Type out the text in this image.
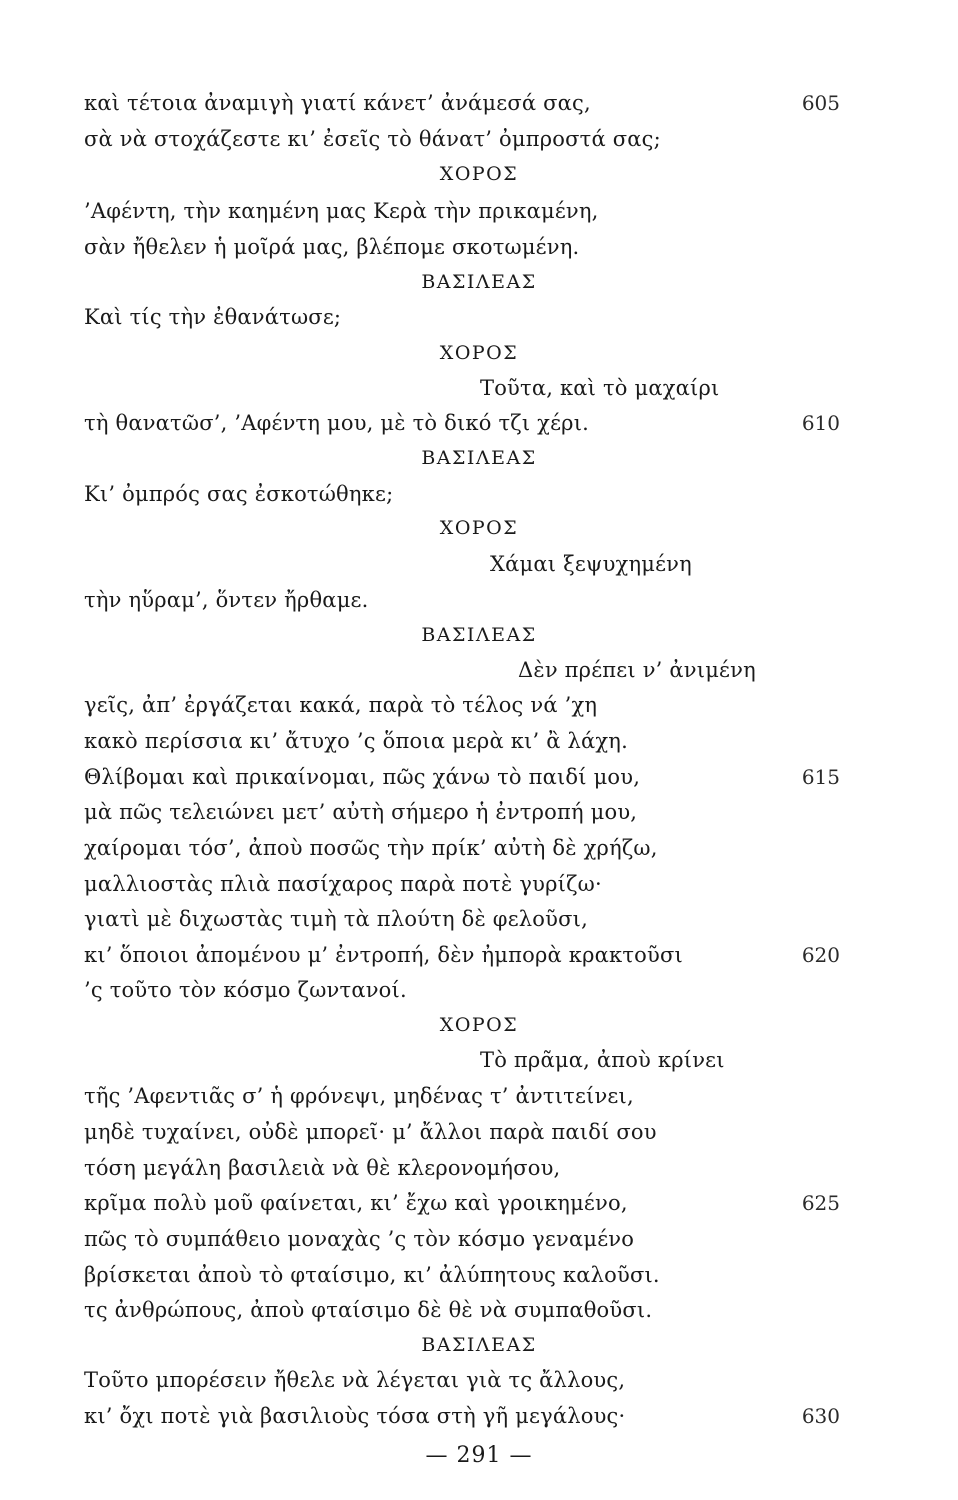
καὶ τέτοια ἀναμιγὴ γιατί κάνετ’ ἀνάμεσά σας,	605
σὰ νὰ στοχάζεστε κι’ ἐσεῖς τὸ θάνατ’ ὀμπροστά σας;
ΧΟΡΟΣ
’Αφέντη, τὴν καημένη μας Κερὰ τὴν πρικαμένη,
σὰν ἤθελεν ἡ μοῖρά μας, βλέπομε σκοτωμένη.
ΒΑΣΙΛΕΑΣ
Καὶ τίς τὴν ἐθανάτωσε;
ΧΟΡΟΣ
Τοῦτα, καὶ τὸ μαχαίρι
τὴ θανατῶσ’, ’Αφέντη μου, μὲ τὸ δικό τζι χέρι.	610
ΒΑΣΙΛΕΑΣ
Κι’ ὀμπρός σας ἐσκοτώθηκε;
ΧΟΡΟΣ
Χάμαι ξεψυχημένη
τὴν ηὕραμ’, ὅντεν ἤρθαμε.
ΒΑΣΙΛΕΑΣ
Δὲν πρέπει ν’ ἀνιμένη
γεῖς, ἀπ’ ἐργάζεται κακά, παρὰ τὸ τέλος νά ’χη
κακὸ περίσσια κι’ ἄτυχο ’ς ὅποια μερὰ κι’ ἂ λάχη.
Θλίβομαι καὶ πρικαίνομαι, πῶς χάνω τὸ παιδί μου,	615
μὰ πῶς τελειώνει μετ’ αὐτὴ σήμερο ἡ ἐντροπή μου,
χαίρομαι τόσ’, ἀποὺ ποσῶς τὴν πρίκ’ αὐτὴ δὲ χρήζω,
μαλλιοστὰς πλιὰ πασίχαρος παρὰ ποτὲ γυρίζω·
γιατὶ μὲ διχωστὰς τιμὴ τὰ πλούτη δὲ φελοῦσι,
κι’ ὅποιοι ἀπομένου μ’ ἐντροπή, δὲν ἠμπορὰ κρακτοῦσι	620
’ς τοῦτο τὸν κόσμο ζωντανοί.
ΧΟΡΟΣ
Τὸ πρᾶμα, ἀποὺ κρίνει
τῆς ’Αφεντιᾶς σ’ ἡ φρόνεψι, μηδένας τ’ ἀντιτείνει,
μηδὲ τυχαίνει, οὐδὲ μπορεῖ· μ’ ἄλλοι παρὰ παιδί σου
τόση μεγάλη βασιλειὰ νὰ θὲ κλερονομήσου,
κρῖμα πολὺ μοῦ φαίνεται, κι’ ἔχω καὶ γροικημένο,	625
πῶς τὸ συμπάθειο μοναχὰς ’ς τὸν κόσμο γεναμένο
βρίσκεται ἀποὺ τὸ φταίσιμο, κι’ ἀλύπητους καλοῦσι.
τς ἀνθρώπους, ἀποὺ φταίσιμο δὲ θὲ νὰ συμπαθοῦσι.
ΒΑΣΙΛΕΑΣ
Τοῦτο μπορέσειν ἤθελε νὰ λέγεται γιὰ τς ἄλλους,
— 291 —
κι’ ὄχι ποτὲ γιὰ βασιλιοὺς τόσα στὴ γῆ μεγάλους·	630
